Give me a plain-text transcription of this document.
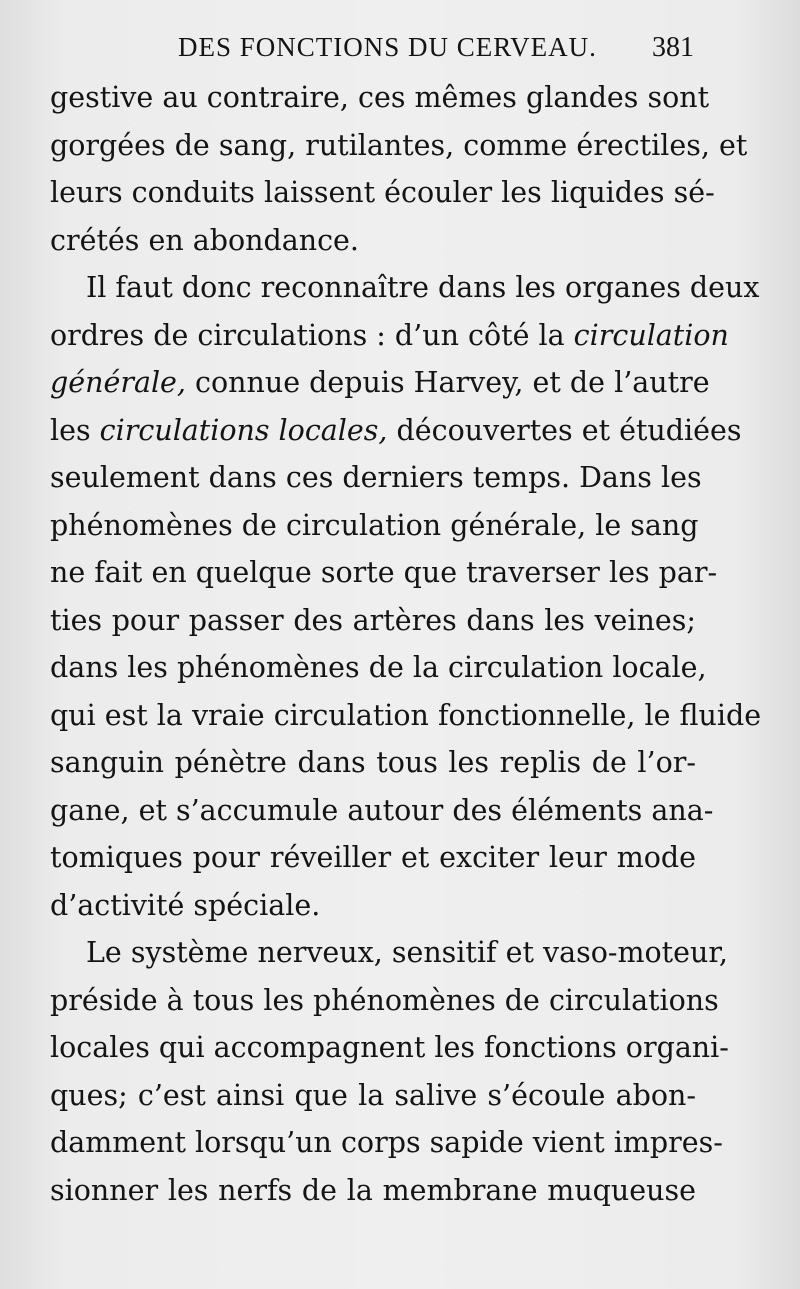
DES FONCTIONS DU CERVEAU. 381
gestive au contraire, ces mêmes glandes sont
gorgées de sang, rutilantes, comme érectiles, et
leurs conduits laissent écouler les liquides sé-
crétés en abondance.
Il faut donc reconnaître dans les organes deux
ordres de circulations : d’un côté la circulation
générale, connue depuis Harvey, et de l’autre
les circulations locales, découvertes et étudiées
seulement dans ces derniers temps. Dans les
phénomènes de circulation générale, le sang
ne fait en quelque sorte que traverser les par-
ties pour passer des artères dans les veines;
dans les phénomènes de la circulation locale,
qui est la vraie circulation fonctionnelle, le fluide
sanguin pénètre dans tous les replis de l’or-
gane, et s’accumule autour des éléments ana-
tomiques pour réveiller et exciter leur mode
d’activité spéciale.
Le système nerveux, sensitif et vaso-moteur,
préside à tous les phénomènes de circulations
locales qui accompagnent les fonctions organi-
ques; c’est ainsi que la salive s’écoule abon-
damment lorsqu’un corps sapide vient impres-
sionner les nerfs de la membrane muqueuse
